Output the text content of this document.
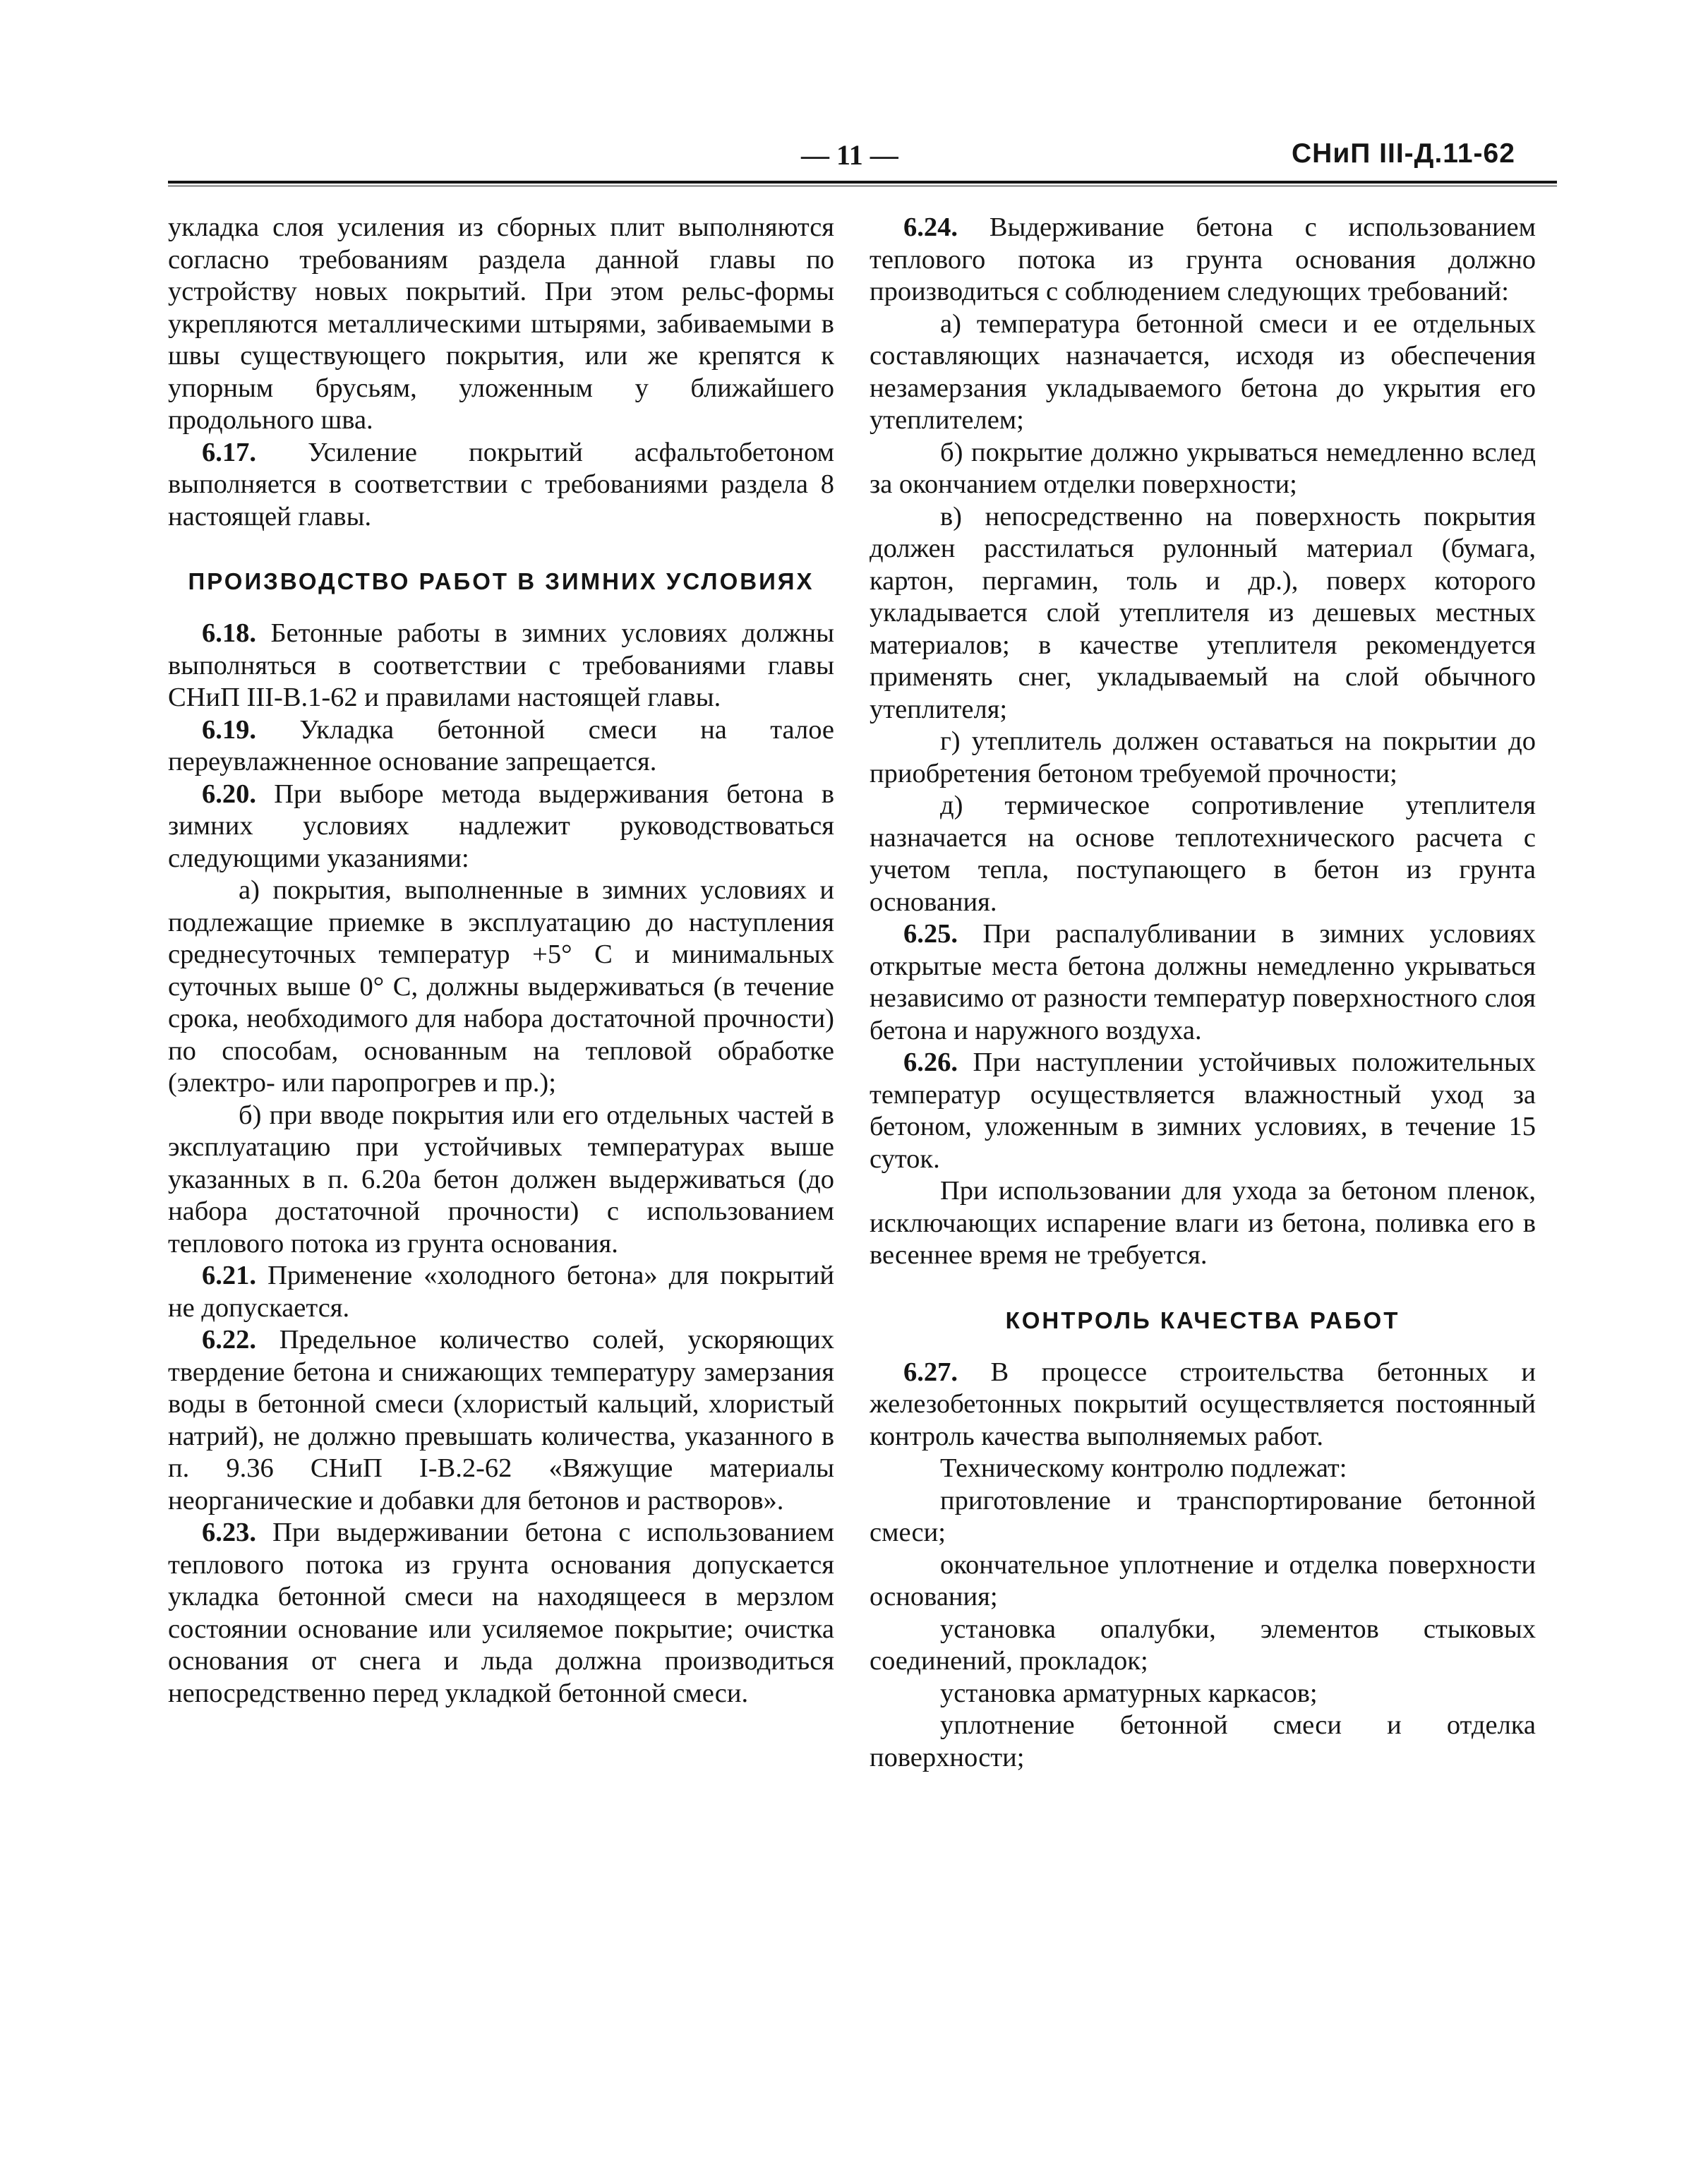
— 11 —	СНиП III-Д.11-62

укладка слоя усиления из сборных плит выполняются согласно требованиям раздела данной главы по устройству новых покрытий. При этом рельс-формы укрепляются металлическими штырями, забиваемыми в швы существующего покрытия, или же крепятся к упорным брусьям, уложенным у ближайшего продольного шва.

6.17. Усиление покрытий асфальтобетоном выполняется в соответствии с требованиями раздела 8 настоящей главы.

ПРОИЗВОДСТВО РАБОТ В ЗИМНИХ УСЛОВИЯХ

6.18. Бетонные работы в зимних условиях должны выполняться в соответствии с требованиями главы СНиП III-В.1-62 и правилами настоящей главы.

6.19. Укладка бетонной смеси на талое переувлажненное основание запрещается.

6.20. При выборе метода выдерживания бетона в зимних условиях надлежит руководствоваться следующими указаниями:

а) покрытия, выполненные в зимних условиях и подлежащие приемке в эксплуатацию до наступления среднесуточных температур +5° С и минимальных суточных выше 0° С, должны выдерживаться (в течение срока, необходимого для набора достаточной прочности) по способам, основанным на тепловой обработке (электро- или паропрогрев и пр.);

б) при вводе покрытия или его отдельных частей в эксплуатацию при устойчивых температурах выше указанных в п. 6.20а бетон должен выдерживаться (до набора достаточной прочности) с использованием теплового потока из грунта основания.

6.21. Применение «холодного бетона» для покрытий не допускается.

6.22. Предельное количество солей, ускоряющих твердение бетона и снижающих температуру замерзания воды в бетонной смеси (хлористый кальций, хлористый натрий), не должно превышать количества, указанного в п. 9.36 СНиП I-В.2-62 «Вяжущие материалы неорганические и добавки для бетонов и растворов».

6.23. При выдерживании бетона с использованием теплового потока из грунта основания допускается укладка бетонной смеси на находящееся в мерзлом состоянии основание или усиляемое покрытие; очистка основания от снега и льда должна производиться непосредственно перед укладкой бетонной смеси.

6.24. Выдерживание бетона с использованием теплового потока из грунта основания должно производиться с соблюдением следующих требований:

а) температура бетонной смеси и ее отдельных составляющих назначается, исходя из обеспечения незамерзания укладываемого бетона до укрытия его утеплителем;

б) покрытие должно укрываться немедленно вслед за окончанием отделки поверхности;

в) непосредственно на поверхность покрытия должен расстилаться рулонный материал (бумага, картон, пергамин, толь и др.), поверх которого укладывается слой утеплителя из дешевых местных материалов; в качестве утеплителя рекомендуется применять снег, укладываемый на слой обычного утеплителя;

г) утеплитель должен оставаться на покрытии до приобретения бетоном требуемой прочности;

д) термическое сопротивление утеплителя назначается на основе теплотехнического расчета с учетом тепла, поступающего в бетон из грунта основания.

6.25. При распалубливании в зимних условиях открытые места бетона должны немедленно укрываться независимо от разности температур поверхностного слоя бетона и наружного воздуха.

6.26. При наступлении устойчивых положительных температур осуществляется влажностный уход за бетоном, уложенным в зимних условиях, в течение 15 суток.

При использовании для ухода за бетоном пленок, исключающих испарение влаги из бетона, поливка его в весеннее время не требуется.

КОНТРОЛЬ КАЧЕСТВА РАБОТ

6.27. В процессе строительства бетонных и железобетонных покрытий осуществляется постоянный контроль качества выполняемых работ.

Техническому контролю подлежат:

приготовление и транспортирование бетонной смеси;

окончательное уплотнение и отделка поверхности основания;

установка опалубки, элементов стыковых соединений, прокладок;

установка арматурных каркасов;

уплотнение бетонной смеси и отделка поверхности;
